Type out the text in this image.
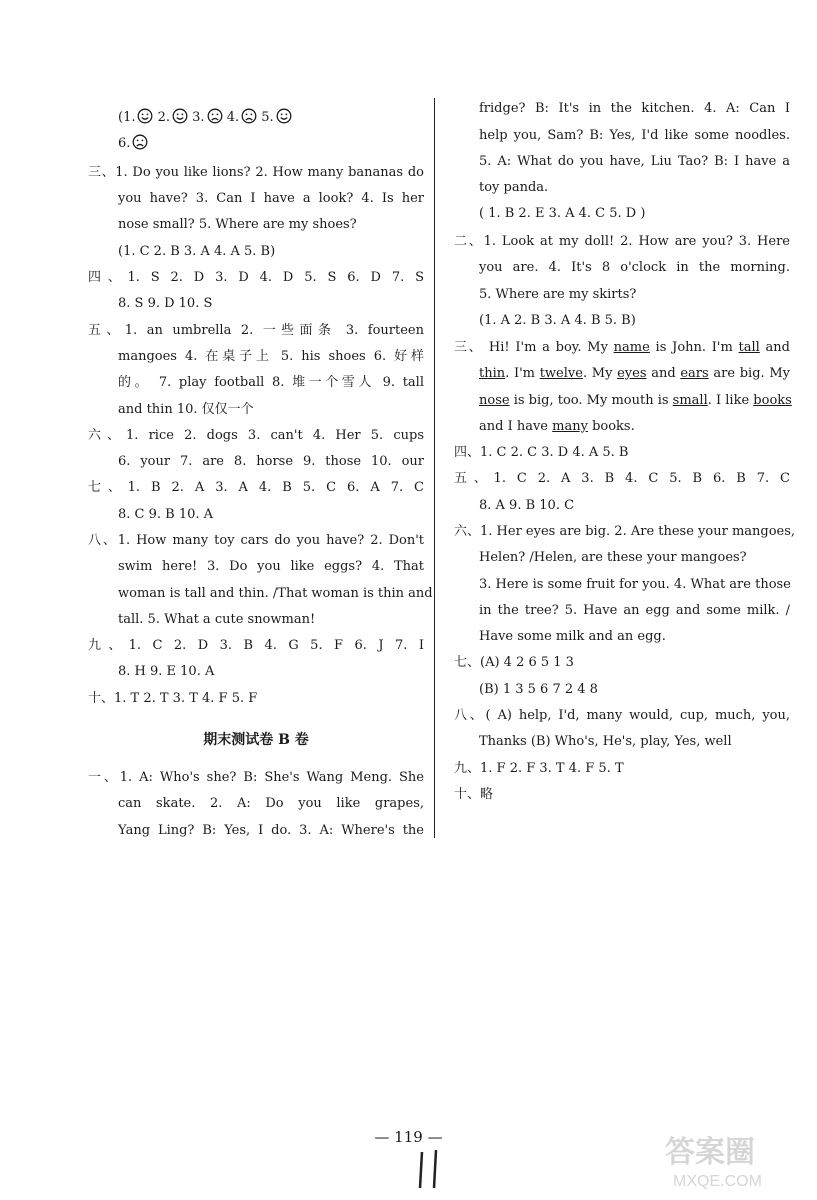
(1. 2. 3. 4. 5.
6.
三、1. Do you like lions? 2. How many bananas do
you have? 3. Can I have a look? 4. Is her
nose small? 5. Where are my shoes?
(1. C 2. B 3. A 4. A 5. B)
四、1. S 2. D 3. D 4. D 5. S 6. D 7. S
8. S 9. D 10. S
五、1. an umbrella 2. 一些面条 3. fourteen
mangoes 4. 在桌子上 5. his shoes 6. 好样
的。 7. play football 8. 堆一个雪人 9. tall
and thin 10. 仅仅一个
六、1. rice 2. dogs 3. can't 4. Her 5. cups
6. your 7. are 8. horse 9. those 10. our
七、1. B 2. A 3. A 4. B 5. C 6. A 7. C
8. C 9. B 10. A
八、1. How many toy cars do you have? 2. Don't
swim here! 3. Do you like eggs? 4. That
woman is tall and thin. /That woman is thin and
tall. 5. What a cute snowman!
九、1. C 2. D 3. B 4. G 5. F 6. J 7. I
8. H 9. E 10. A
十、1. T 2. T 3. T 4. F 5. F
期末测试卷 B 卷
一、1. A: Who's she? B: She's Wang Meng. She
can skate. 2. A: Do you like grapes,
Yang Ling? B: Yes, I do. 3. A: Where's the
fridge? B: It's in the kitchen. 4. A: Can I
help you, Sam? B: Yes, I'd like some noodles.
5. A: What do you have, Liu Tao? B: I have a
toy panda.
( 1. B 2. E 3. A 4. C 5. D )
二、1. Look at my doll! 2. How are you? 3. Here
you are. 4. It's 8 o'clock in the morning.
5. Where are my skirts?
(1. A 2. B 3. A 4. B 5. B)
三、 Hi! I'm a boy. My name is John. I'm tall and
thin. I'm twelve. My eyes and ears are big. My
nose is big, too. My mouth is small. I like books
and I have many books.
四、1. C 2. C 3. D 4. A 5. B
五、1. C 2. A 3. B 4. C 5. B 6. B 7. C
8. A 9. B 10. C
六、1. Her eyes are big. 2. Are these your mangoes,
Helen? /Helen, are these your mangoes?
3. Here is some fruit for you. 4. What are those
in the tree? 5. Have an egg and some milk. /
Have some milk and an egg.
七、(A) 4 2 6 5 1 3
(B) 1 3 5 6 7 2 4 8
八、( A) help, I'd, many would, cup, much, you,
Thanks (B) Who's, He's, play, Yes, well
九、1. F 2. F 3. T 4. F 5. T
十、略
— 119 —	答案圈
MXQE.COM
